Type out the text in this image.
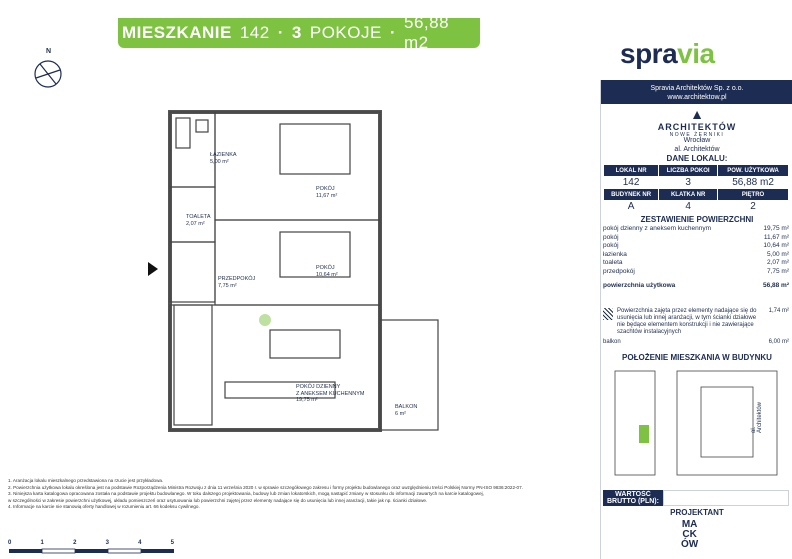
MIESZKANIE 142 · 3 POKOJE ·
56,88 m2
N	spravia
ŁAZIENKA
5,00 m²
POKÓJ
11,67 m²
TOALETA
2,07 m²
PRZEDPOKÓJ
7,75 m²
POKÓJ
10,64 m²
POKÓJ DZIENNY
Z ANEKSEM KUCHENNYM
19,75 m²
BALKON
6 m²
Spravia Architektów Sp. z o.o.
www.architektow.pl
▲
ARCHITEKTÓW
NOWE ŻERNIKI
Wrocław
al. Architektów
DANE LOKALU:
LOKAL NR	LICZBA POKOI	POW. UŻYTKOWA
142	3	56,88 m2
BUDYNEK NR	KLATKA NR	PIĘTRO
A	4	2
ZESTAWIENIE POWIERZCHNI
pokój dzienny z aneksem kuchennym	19,75 m²
pokój	11,67 m²
pokój	10,64 m²
łazienka	5,00 m²
toaleta	2,07 m²
przedpokój	7,75 m²
powierzchnia użytkowa	56,88 m²
Powierzchnia zajęta przez elementy nadające się do usunięcia lub innej aranżacji, w tym ścianki działowe nie będące elementem konstrukcji i nie zawierające szachtów instalacyjnych
1,74 m²
balkon	6,00 m²
POŁOŻENIE MIESZKANIA W BUDYNKU
al. Architektów
WARTOŚĆ
BRUTTO (PLN):
PROJEKTANT
MA
CK
ÓW
1. Aranżacja lokalu mieszkalnego przedstawiona na rzucie jest przykładowa.
2. Powierzchnia użytkowa lokalu określona jest na podstawie Rozporządzenia Ministra Rozwoju z dnia 11 września 2020 r. w sprawie szczegółowego zakresu i formy projektu budowlanego oraz uwzględnieniu treści Polskiej Normy PN-ISO 9836:2022-07.
3. Niniejsza karta katalogowa opracowana została na podstawie projektu budowlanego. W toku dalszego projektowania, budowy lub zmian lokatorskich, mogą nastąpić zmiany w stosunku do informacji zawartych na karcie katalogowej,
w szczególności w zakresie powierzchni użytkowej, układu pomieszczeń oraz usytuowania lub powierzchni zajętej przez elementy nadające się do usunięcia lub innej aranżacji, takie jak np. ścianki działowe.
4. Informacje na karcie nie stanowią oferty handlowej w rozumieniu art. 66 kodeksu cywilnego.
0	1	2	3	4	5
